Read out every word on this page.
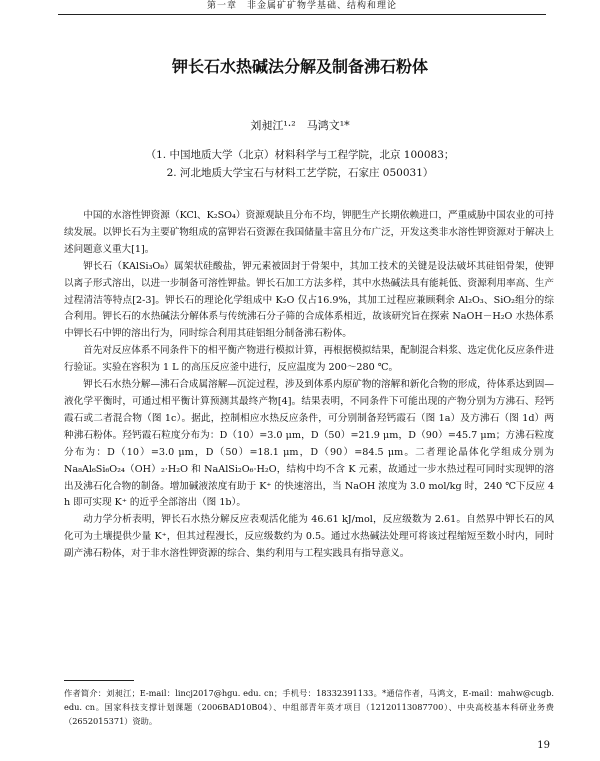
第一章　非金属矿矿物学基础、结构和理论
钾长石水热碱法分解及制备沸石粉体
刘昶江¹·²　马鸿文¹*
（1. 中国地质大学（北京）材料科学与工程学院，北京 100083；
2. 河北地质大学宝石与材料工艺学院，石家庄 050031）

中国的水溶性钾资源（KCl、K₂SO₄）资源观缺且分布不均，钾肥生产长期依赖进口，严重威胁中国农业的可持续发展。以钾长石为主要矿物组成的富钾岩石资源在我国储量丰富且分布广泛，开发这类非水溶性钾资源对于解决上述问题意义重大[1]。

钾长石（KAlSi₃O₈）属架状硅酸盐，钾元素被固封于骨架中，其加工技术的关键是设法破坏其硅铝骨架，使钾以离子形式溶出，以进一步制备可溶性钾盐。钾长石加工方法多样，其中水热碱法具有能耗低、资源利用率高、生产过程清洁等特点[2-3]。钾长石的理论化学组成中 K₂O 仅占16.9%，其加工过程应兼顾剩余 Al₂O₃、SiO₂组分的综合利用。钾长石的水热碱法分解体系与传统沸石分子筛的合成体系相近，故该研究旨在探索 NaOH－H₂O 水热体系中钾长石中钾的溶出行为，同时综合利用其硅铝组分制备沸石粉体。

首先对反应体系不同条件下的相平衡产物进行模拟计算，再根据模拟结果，配制混合料浆、选定优化反应条件进行验证。实验在容积为 1 L 的高压反应釜中进行，反应温度为 200～280 ℃。

钾长石水热分解—沸石合成属溶解—沉淀过程，涉及到体系内原矿物的溶解和新化合物的形成，待体系达到固—液化学平衡时，可通过相平衡计算预测其最终产物[4]。结果表明，不同条件下可能出现的产物分别为方沸石、羟钙霞石或二者混合物（图 1c）。据此，控制相应水热反应条件，可分别制备羟钙霞石（图 1a）及方沸石（图 1d）两种沸石粉体。羟钙霞石粒度分布为：D（10）=3.0 μm，D（50）=21.9 μm，D（90）=45.7 μm；方沸石粒度分布为：D（10）=3.0 μm，D（50）=18.1 μm，D（90）=84.5 μm。二者理论晶体化学组成分别为 Na₈Al₆Si₆O₂₄（OH）₂·H₂O 和 NaAlSi₂O₆·H₂O，结构中均不含 K 元素，故通过一步水热过程可同时实现钾的溶出及沸石化合物的制备。增加碱液浓度有助于 K⁺ 的快速溶出，当 NaOH 浓度为 3.0 mol/kg 时，240 ℃下反应 4 h 即可实现 K⁺ 的近乎全部溶出（图 1b）。

动力学分析表明，钾长石水热分解反应表观活化能为 46.61 kJ/mol，反应级数为 2.61。自然界中钾长石的风化可为土壤提供少量 K⁺，但其过程漫长，反应级数约为 0.5。通过水热碱法处理可将该过程缩短至数小时内，同时副产沸石粉体，对于非水溶性钾资源的综合、集约利用与工程实践具有指导意义。

作者简介：刘昶江；E-mail：lincj2017@hgu. edu. cn；手机号：18332391133。*通信作者，马鸿文，E-mail：mahw@cugb. edu. cn。国家科技支撑计划课题（2006BAD10B04）、中组部青年英才项目（12120113087700）、中央高校基本科研业务费（2652015371）资助。
19
